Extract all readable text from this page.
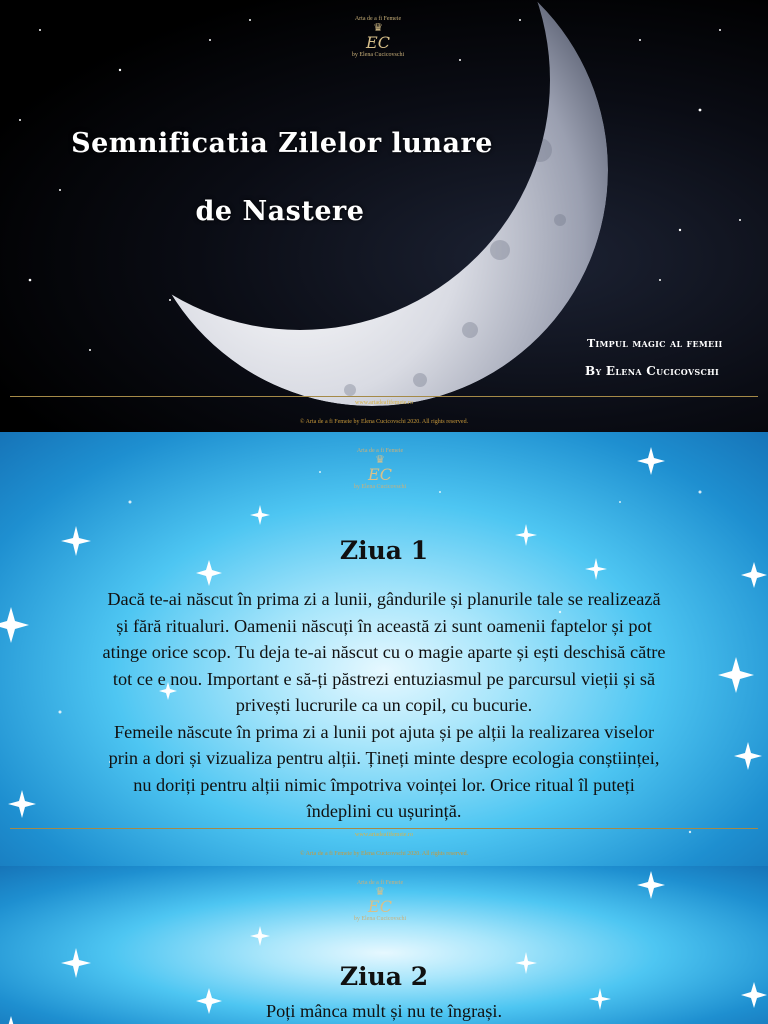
Arta de a fi Femeie
♛
EC
by Elena Cucicovschi
Semnificatia Zilelor lunare
de Nastere
Timpul magic al femeii
By Elena Cucicovschi
www.artadeafifemeie.ro
© Arta de a fi Femeie by Elena Cucicovschi 2020. All rights reserved.
Arta de a fi Femeie
♛
EC
by Elena Cucicovschi
Ziua 1
Dacă te-ai născut în prima zi a lunii, gândurile și planurile tale se realizează
și fără ritualuri. Oamenii născuți în această zi sunt oamenii faptelor și pot
atinge orice scop. Tu deja te-ai născut cu o magie aparte și ești deschisă către
tot ce e nou. Important e să-ți păstrezi entuziasmul pe parcursul vieții și să
privești lucrurile ca un copil, cu bucurie.
Femeile născute în prima zi a lunii pot ajuta și pe alții la realizarea viselor
prin a dori și vizualiza pentru alții. Țineți minte despre ecologia conștiinței,
nu doriți pentru alții nimic împotriva voinței lor. Orice ritual îl puteți
îndeplini cu ușurință.
www.artadeafifemeie.ro
© Arta de a fi Femeie by Elena Cucicovschi 2020. All rights reserved.
Arta de a fi Femeie
♛
EC
by Elena Cucicovschi
Ziua 2
Poți mânca mult și nu te îngrași.
